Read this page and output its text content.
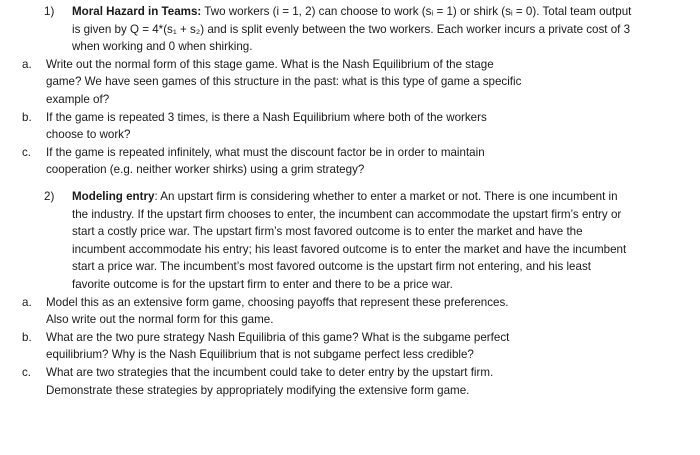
1)	Moral Hazard in Teams: Two workers (i = 1, 2) can choose to work (sᵢ = 1) or shirk (sᵢ = 0). Total team output is given by Q = 4*(s₁ + s₂) and is split evenly between the two workers. Each worker incurs a private cost of 3 when working and 0 when shirking.
a. Write out the normal form of this stage game. What is the Nash Equilibrium of the stage game? We have seen games of this structure in the past: what is this type of game a specific example of?
b. If the game is repeated 3 times, is there a Nash Equilibrium where both of the workers choose to work?
c. If the game is repeated infinitely, what must the discount factor be in order to maintain cooperation (e.g. neither worker shirks) using a grim strategy?
2)	Modeling entry: An upstart firm is considering whether to enter a market or not. There is one incumbent in the industry. If the upstart firm chooses to enter, the incumbent can accommodate the upstart firm’s entry or start a costly price war. The upstart firm’s most favored outcome is to enter the market and have the incumbent accommodate his entry; his least favored outcome is to enter the market and have the incumbent start a price war. The incumbent’s most favored outcome is the upstart firm not entering, and his least favorite outcome is for the upstart firm to enter and there to be a price war.
a. Model this as an extensive form game, choosing payoffs that represent these preferences. Also write out the normal form for this game.
b. What are the two pure strategy Nash Equilibria of this game? What is the subgame perfect equilibrium? Why is the Nash Equilibrium that is not subgame perfect less credible?
c. What are two strategies that the incumbent could take to deter entry by the upstart firm. Demonstrate these strategies by appropriately modifying the extensive form game.
